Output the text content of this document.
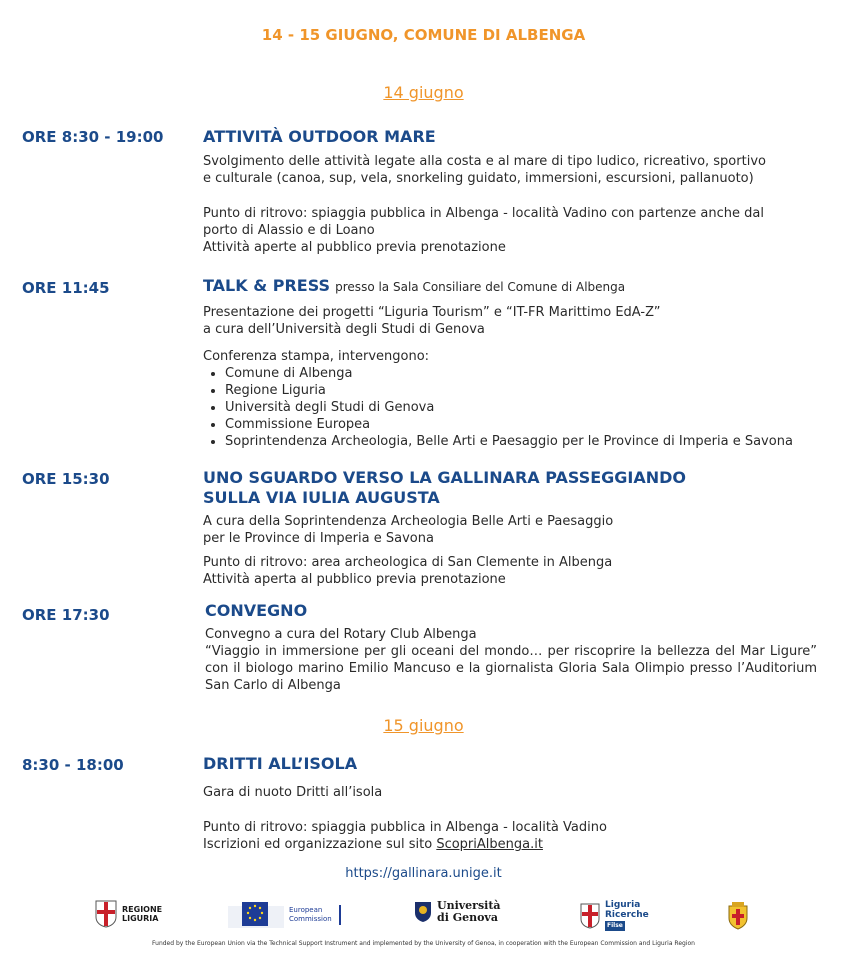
14 - 15 GIUGNO, COMUNE DI ALBENGA
14 giugno
ORE 8:30 - 19:00 ATTIVITÀ OUTDOOR MARE

Svolgimento delle attività legate alla costa e al mare di tipo ludico, ricreativo, sportivo

e culturale (canoa, sup, vela, snorkeling guidato, immersioni, escursioni, pallanuoto)

Punto di ritrovo: spiaggia pubblica in Albenga - località Vadino con partenze anche dal

porto di Alassio e di Loano

Attività aperte al pubblico previa prenotazione

ORE 11:45	TALK & PRESS presso la Sala Consiliare del Comune di Albenga

Presentazione dei progetti “Liguria Tourism” e “IT-FR Marittimo EdA-Z”

a cura dell’Università degli Studi di Genova

Conferenza stampa, intervengono:

• Comune di Albenga
• Regione Liguria
• Università degli Studi di Genova
• Commissione Europea
• Soprintendenza Archeologia, Belle Arti e Paesaggio per le Province di Imperia e Savona
ORE 15:30	UNO SGUARDO VERSO LA GALLINARA PASSEGGIANDO
SULLA VIA IULIA AUGUSTA

A cura della Soprintendenza Archeologia Belle Arti e Paesaggio

per le Province di Imperia e Savona

Punto di ritrovo: area archeologica di San Clemente in Albenga

Attività aperta al pubblico previa prenotazione

ORE 17:30	CONVEGNO

Convegno a cura del Rotary Club Albenga

“Viaggio in immersione per gli oceani del mondo… per riscoprire la bellezza del Mar Ligure” con il biologo marino Emilio Mancuso e la giornalista Gloria Sala Olimpio presso l’Auditorium San Carlo di Albenga

15 giugno
8:30 - 18:00	DRITTI ALL’ISOLA

Gara di nuoto Dritti all’isola

Punto di ritrovo: spiaggia pubblica in Albenga - località Vadino

Iscrizioni ed organizzazione sul sito ScopriAlbenga.it

https://gallinara.unige.it
REGIONE
LIGURIA
European
Commission
Università
di Genova
Liguria
Ricerche
Filse
Funded by the European Union via the Technical Support Instrument and implemented by the University of Genoa, in cooperation with the European Commission and Liguria Region
